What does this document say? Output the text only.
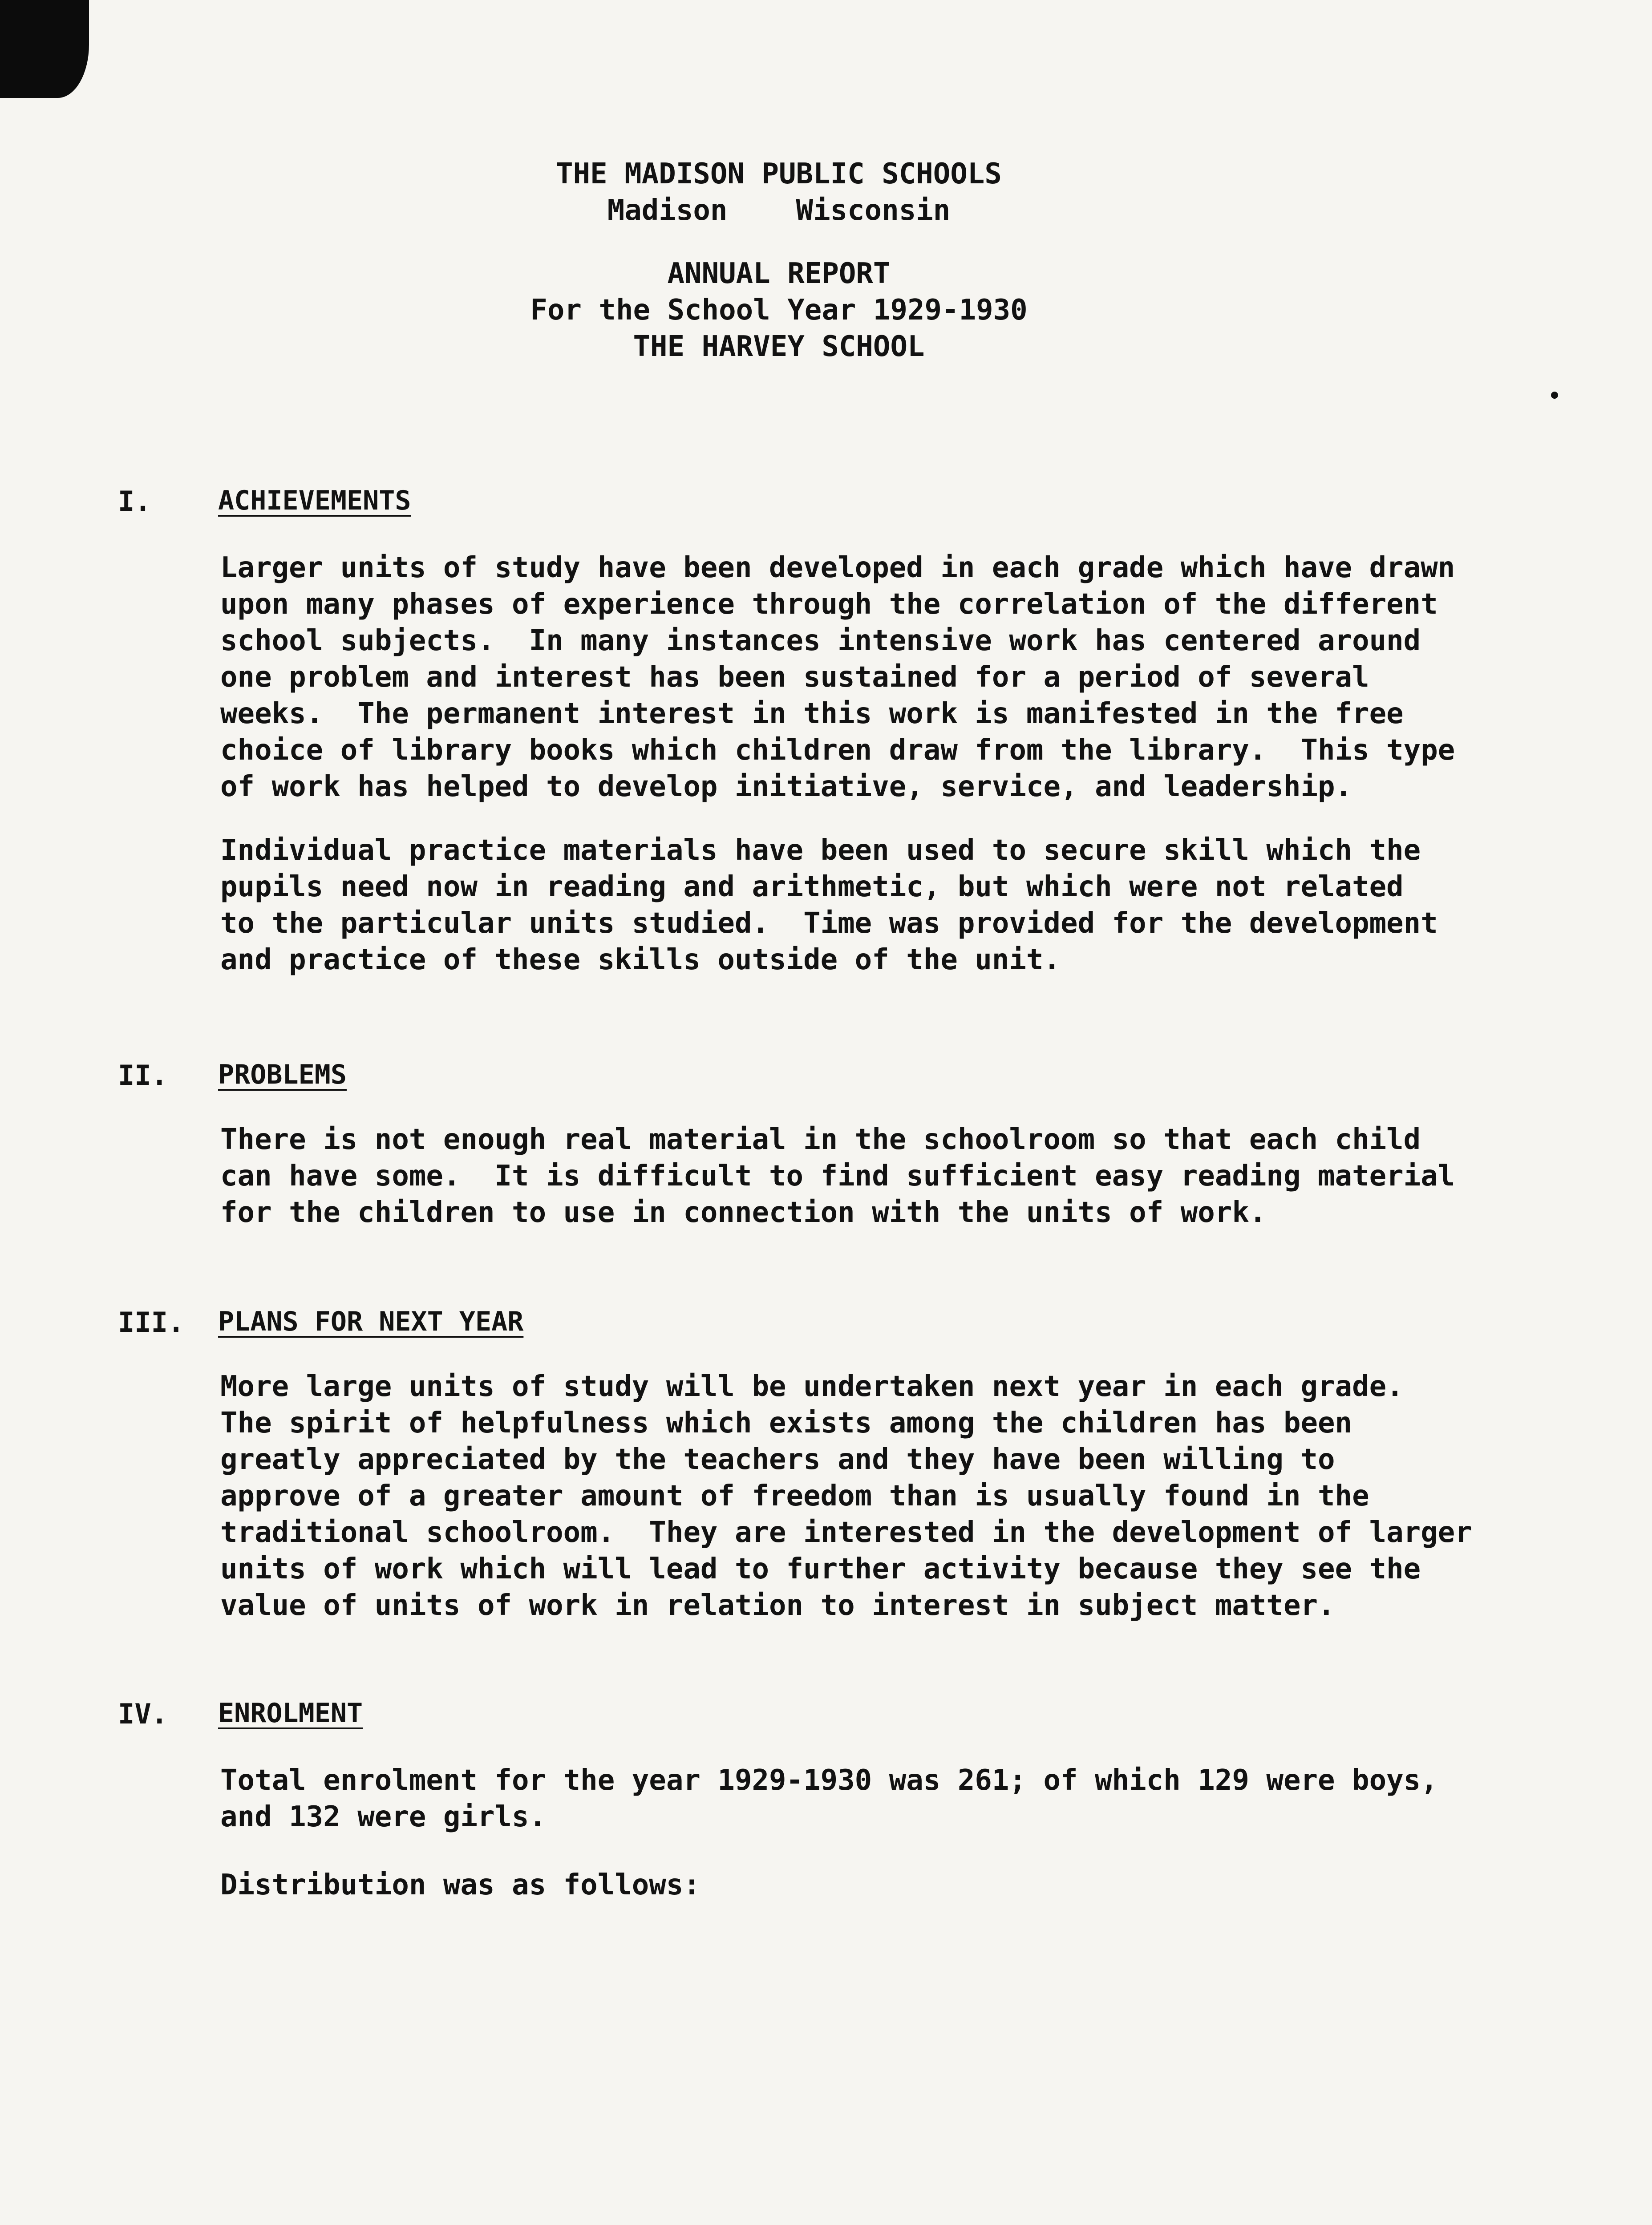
THE MADISON PUBLIC SCHOOLS
Madison    Wisconsin
ANNUAL REPORT
For the School Year 1929-1930
THE HARVEY SCHOOL
I.	ACHIEVEMENTS
Larger units of study have been developed in each grade which have drawn
upon many phases of experience through the correlation of the different
school subjects.  In many instances intensive work has centered around
one problem and interest has been sustained for a period of several
weeks.  The permanent interest in this work is manifested in the free
choice of library books which children draw from the library.  This type
of work has helped to develop initiative, service, and leadership.
Individual practice materials have been used to secure skill which the
pupils need now in reading and arithmetic, but which were not related
to the particular units studied.  Time was provided for the development
and practice of these skills outside of the unit.
II. PROBLEMS
There is not enough real material in the schoolroom so that each child
can have some.  It is difficult to find sufficient easy reading material
for the children to use in connection with the units of work.
III. PLANS FOR NEXT YEAR
More large units of study will be undertaken next year in each grade.
The spirit of helpfulness which exists among the children has been
greatly appreciated by the teachers and they have been willing to
approve of a greater amount of freedom than is usually found in the
traditional schoolroom.  They are interested in the development of larger
units of work which will lead to further activity because they see the
value of units of work in relation to interest in subject matter.
IV. ENROLMENT
Total enrolment for the year 1929-1930 was 261; of which 129 were boys,
and 132 were girls.
Distribution was as follows:
